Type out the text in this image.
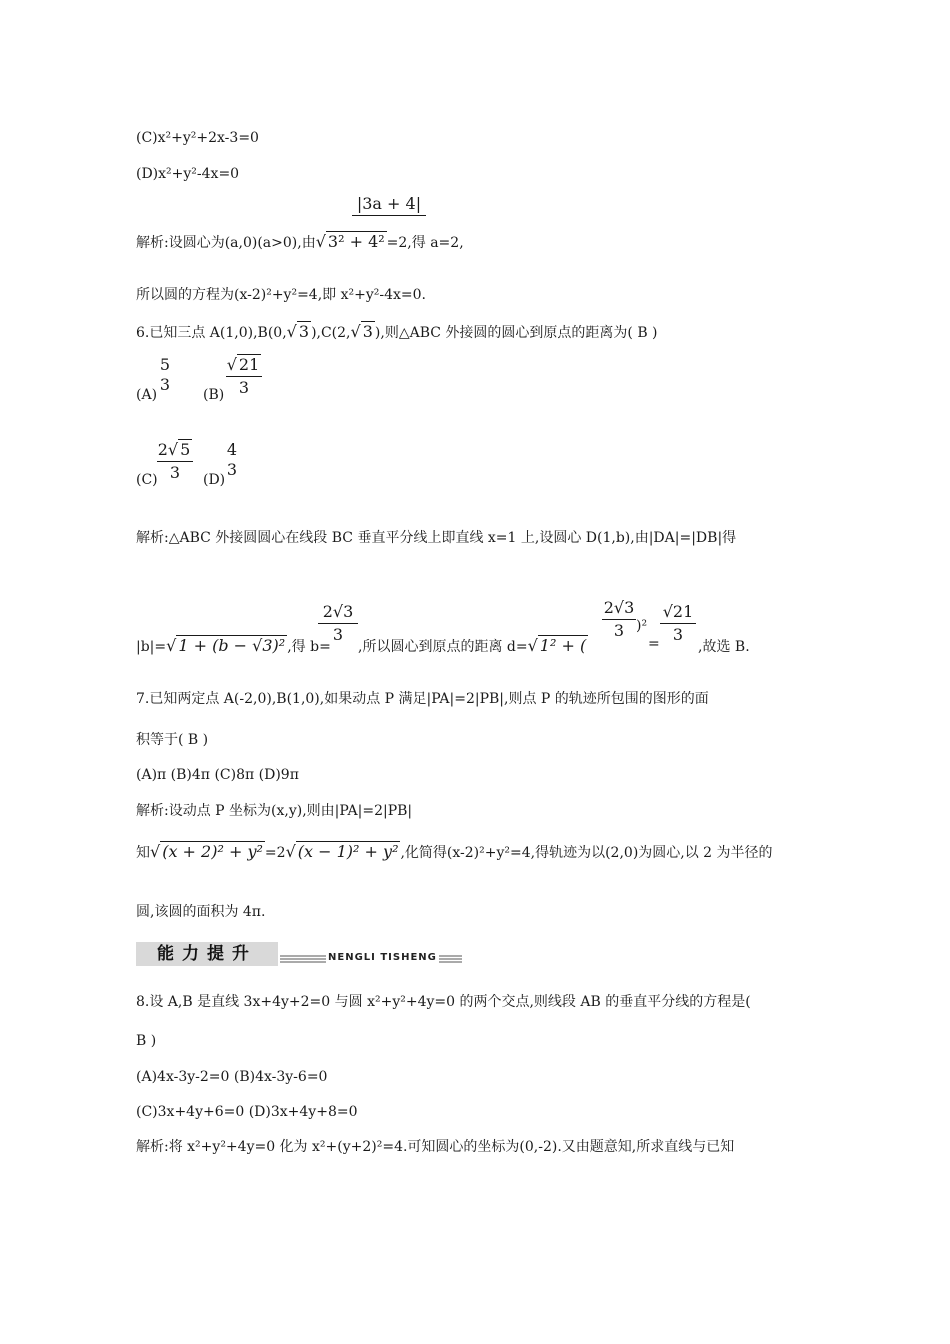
(C)x²+y²+2x-3=0
(D)x²+y²-4x=0
|3a + 4|
解析:设圆心为(a,0)(a>0),由√ 3² + 4² =2,得 a=2,
所以圆的方程为(x-2)²+y²=4,即 x²+y²-4x=0.
6.已知三点 A(1,0),B(0,√ 3 ),C(2,√ 3 ),则△ABC 外接圆的圆心到原点的距离为( B )
(A)
5
3
(B)
√ 21
3
(C)
2√ 5
3	(D)
4
3
解析:△ABC 外接圆圆心在线段 BC 垂直平分线上即直线 x=1 上,设圆心 D(1,b),由|DA|=|DB|得
2√3
3
2√3
3
√21
3
|b|=√ 1 + (b − √3)² ,得 b= ,所以圆心到原点的距离 d=√ 1² + (
)²
=	,故选 B.
7.已知两定点 A(-2,0),B(1,0),如果动点 P 满足|PA|=2|PB|,则点 P 的轨迹所包围的图形的面
积等于( B )
(A)π (B)4π (C)8π (D)9π
解析:设动点 P 坐标为(x,y),则由|PA|=2|PB|
知√ (x + 2)² + y² =2√ (x − 1)² + y² ,化简得(x-2)²+y²=4,得轨迹为以(2,0)为圆心,以 2 为半径的
圆,该圆的面积为 4π.
能力提升	NENGLI TISHENG
8.设 A,B 是直线 3x+4y+2=0 与圆 x²+y²+4y=0 的两个交点,则线段 AB 的垂直平分线的方程是(
B )
(A)4x-3y-2=0 (B)4x-3y-6=0
(C)3x+4y+6=0 (D)3x+4y+8=0
解析:将 x²+y²+4y=0 化为 x²+(y+2)²=4.可知圆心的坐标为(0,-2).又由题意知,所求直线与已知
